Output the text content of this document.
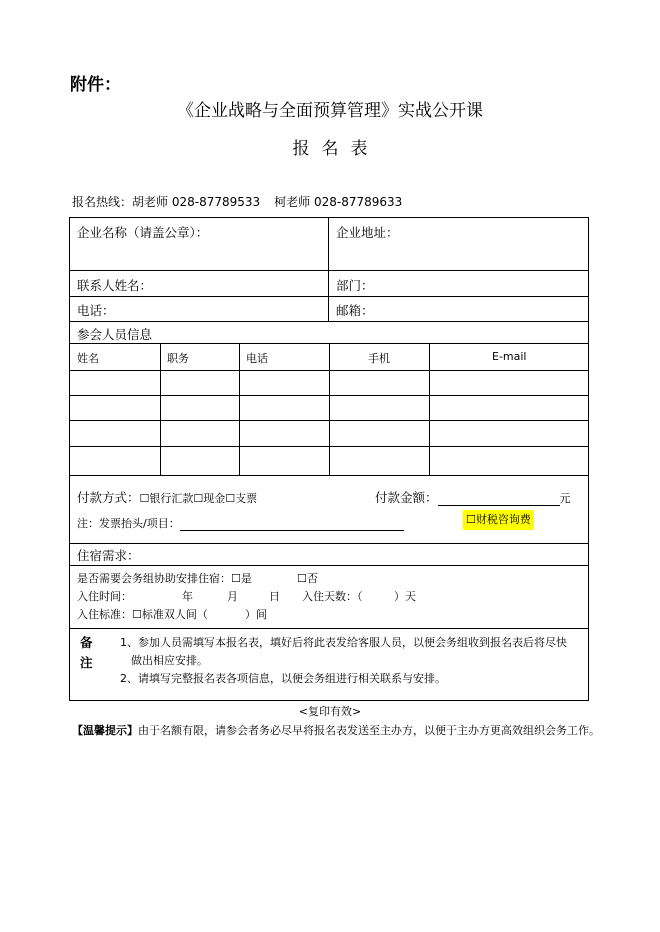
附件：
《企业战略与全面预算管理》实战公开课
报名表
报名热线：胡老师 028-87789533 柯老师 028-87789633
企业名称（请盖公章）：	企业地址：
联系人姓名：	部门：
电话：	邮箱：
参会人员信息
姓名	职务	电话	手机	E-mail
付款方式：☐银行汇款☐现金☐支票	付款金额：	元
注：发票抬头/项目：	☐财税咨询费
住宿需求：
是否需要会务组协助安排住宿：☐是	☐否
入住时间：	年	月	日 入住天数：（	）天
入住标准：☐标准双人间（	）间
备
注
1、参加人员需填写本报名表，填好后将此表发给客服人员，以便会务组收到报名表后将尽快
做出相应安排。
2、请填写完整报名表各项信息，以便会务组进行相关联系与安排。
<复印有效>
【温馨提示】由于名额有限，请参会者务必尽早将报名表发送至主办方，以便于主办方更高效组织会务工作。
